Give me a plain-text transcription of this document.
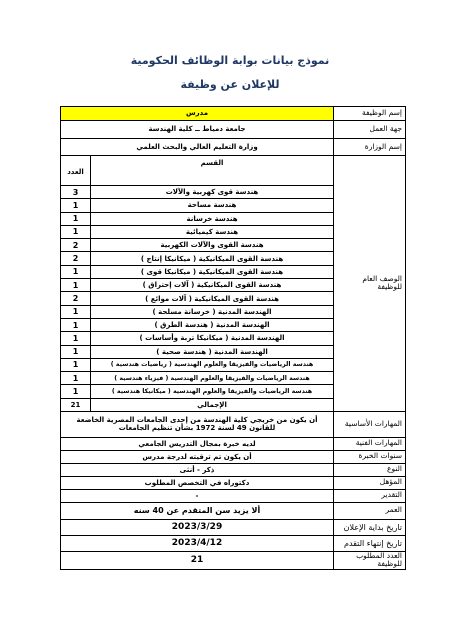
نموذج بيانات بوابة الوظائف الحكومية
للإعلان عن وظيفة
إسم الوظيفة	مدرس	
جهة العمل	جامعة دمياط ــ كلية الهندسة	
إسم الوزارة	وزارة التعليم العالي والبحث العلمي	
الوصف العام للوظيفة	القسم	العدد
	هندسة قوى كهربية والآلات	3
	هندسة مساحة	1
	هندسة خرسانة	1
	هندسة كيميائية	1
	هندسة القوى والآلات الكهربية	2
	هندسة القوى الميكانيكية ( ميكانيكا إنتاج )	2
	هندسة القوى الميكانيكية ( ميكانيكا قوى )	1
	هندسة القوى الميكانيكية ( آلات إحتراق )	1
	هندسة القوى الميكانيكية ( آلات موائع )	2
	الهندسة المدنية ( خرسانة مسلحة )	1
	الهندسة المدنية ( هندسة الطرق )	1
	الهندسة المدنية ( ميكانيكا تربة وأساسات )	1
	الهندسة المدنية ( هندسة صحية )	1
	هندسة الرياضيات والفيزيقا والعلوم الهندسية ( رياضيات هندسية )	1
	هندسة الرياضيات والفيزيقا والعلوم الهندسية ( فيزياء هندسية )	1
	هندسة الرياضيات والفيزيقا والعلوم الهندسية ( ميكانيكا هندسية )	1
	الإجمالي	21
المهارات الأساسية	أن يكون من خريجي كلية الهندسة من إحدى الجامعات المصرية الخاضعة للقانون 49 لسنة 1972 بشأن تنظيم الجامعات	
المهارات الفنية	لديه خبرة بمجال التدريس الجامعي	
سنوات الخبرة	أن يكون تم ترقيته لدرجة مدرس	
النوع	ذكر - أنثى	
المؤهل	دكتوراه في التخصص المطلوب	
التقدير	-	
العمر	ألا يزيد سن المتقدم عن 40 سنه	
تاريخ بداية الإعلان	2023/3/29	
تاريخ إنتهاء التقدم	2023/4/12	
العدد المطلوب للوظيفة	21	
